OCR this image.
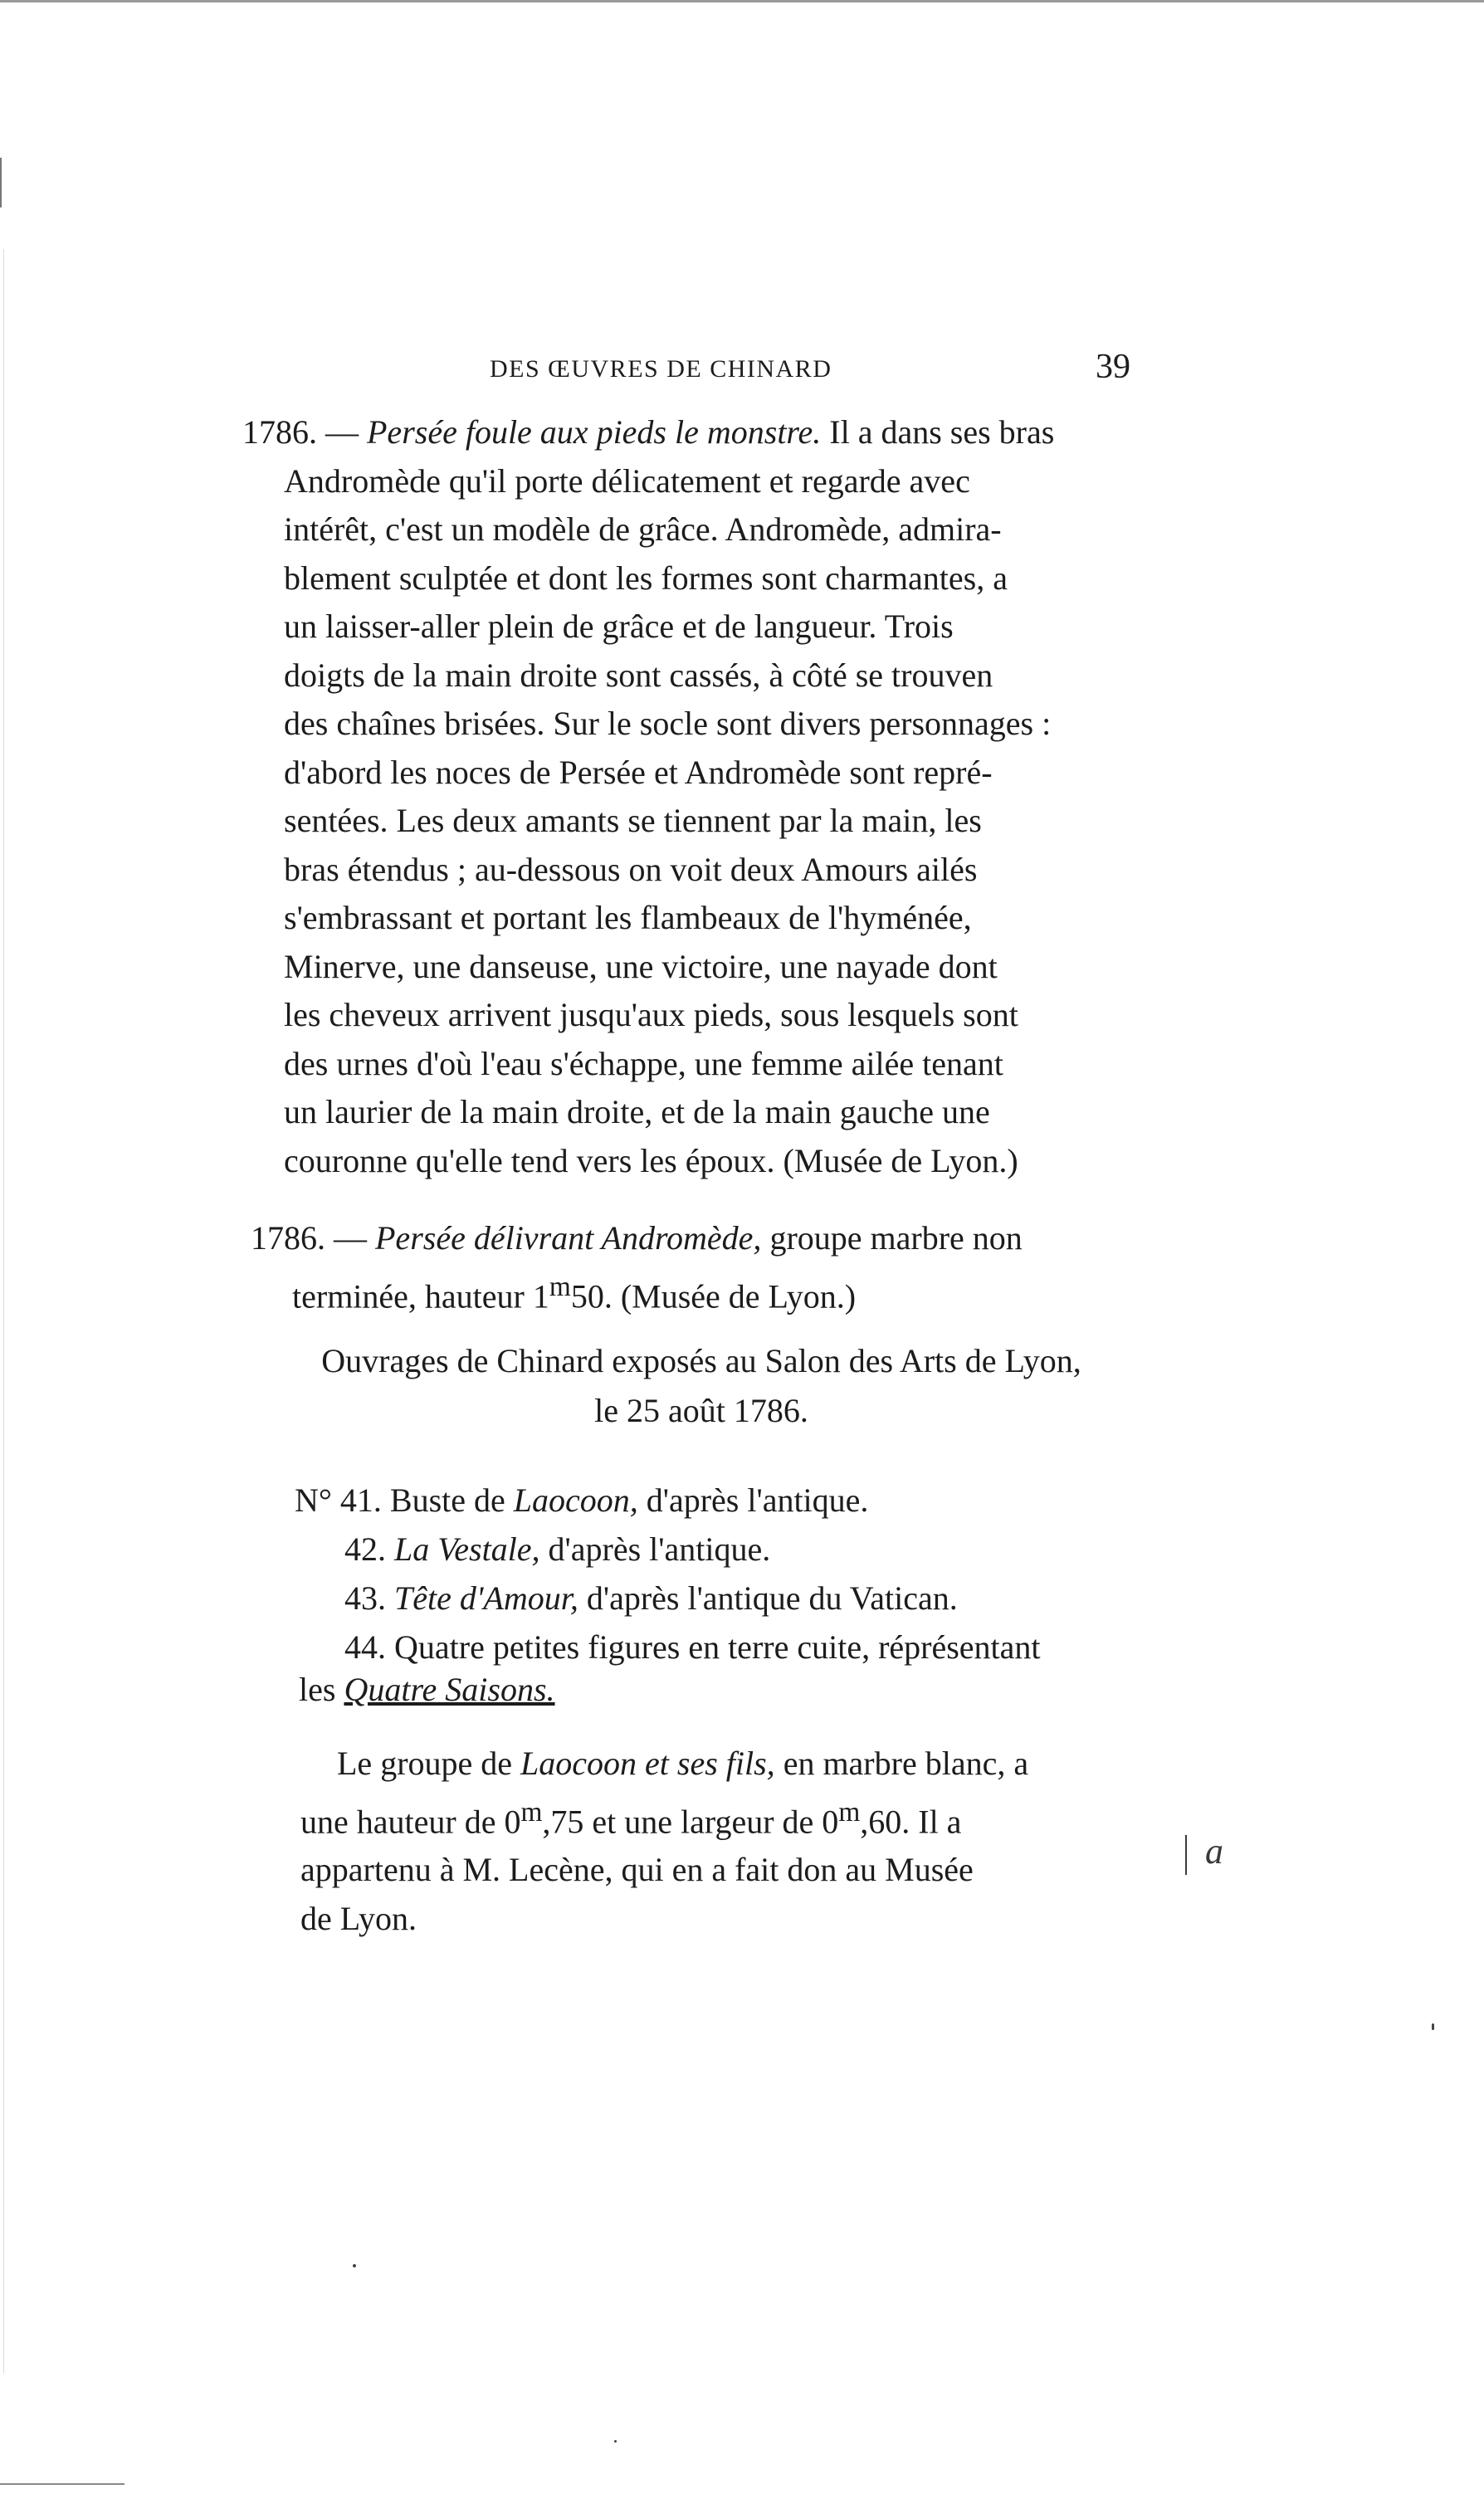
DES ŒUVRES DE CHINARD	39
1786. — Persée foule aux pieds le monstre. Il a dans ses bras
Andromède qu'il porte délicatement et regarde avec
intérêt, c'est un modèle de grâce. Andromède, admira-
blement sculptée et dont les formes sont charmantes, a
un laisser-aller plein de grâce et de langueur. Trois
doigts de la main droite sont cassés, à côté se trouven
des chaînes brisées. Sur le socle sont divers personnages :
d'abord les noces de Persée et Andromède sont repré-
sentées. Les deux amants se tiennent par la main, les
bras étendus ; au-dessous on voit deux Amours ailés
s'embrassant et portant les flambeaux de l'hyménée,
Minerve, une danseuse, une victoire, une nayade dont
les cheveux arrivent jusqu'aux pieds, sous lesquels sont
des urnes d'où l'eau s'échappe, une femme ailée tenant
un laurier de la main droite, et de la main gauche une
couronne qu'elle tend vers les époux. (Musée de Lyon.)
1786. — Persée délivrant Andromède, groupe marbre non
terminée, hauteur 1$^m$50. (Musée de Lyon.)

Ouvrages de Chinard exposés au Salon des Arts de Lyon,

le 25 août 1786.

N° 41. Buste de Laocoon, d'après l'antique.
42. La Vestale, d'après l'antique.
43. Tête d'Amour, d'après l'antique du Vatican.
44. Quatre petites figures en terre cuite, réprésentant
les Quatre Saisons.
Le groupe de Laocoon et ses fils, en marbre blanc, a
une hauteur de 0$^m$,75 et une largeur de 0$^m$,60. Il a
appartenu à M. Lecène, qui en a fait don au Musée
de Lyon.
a
